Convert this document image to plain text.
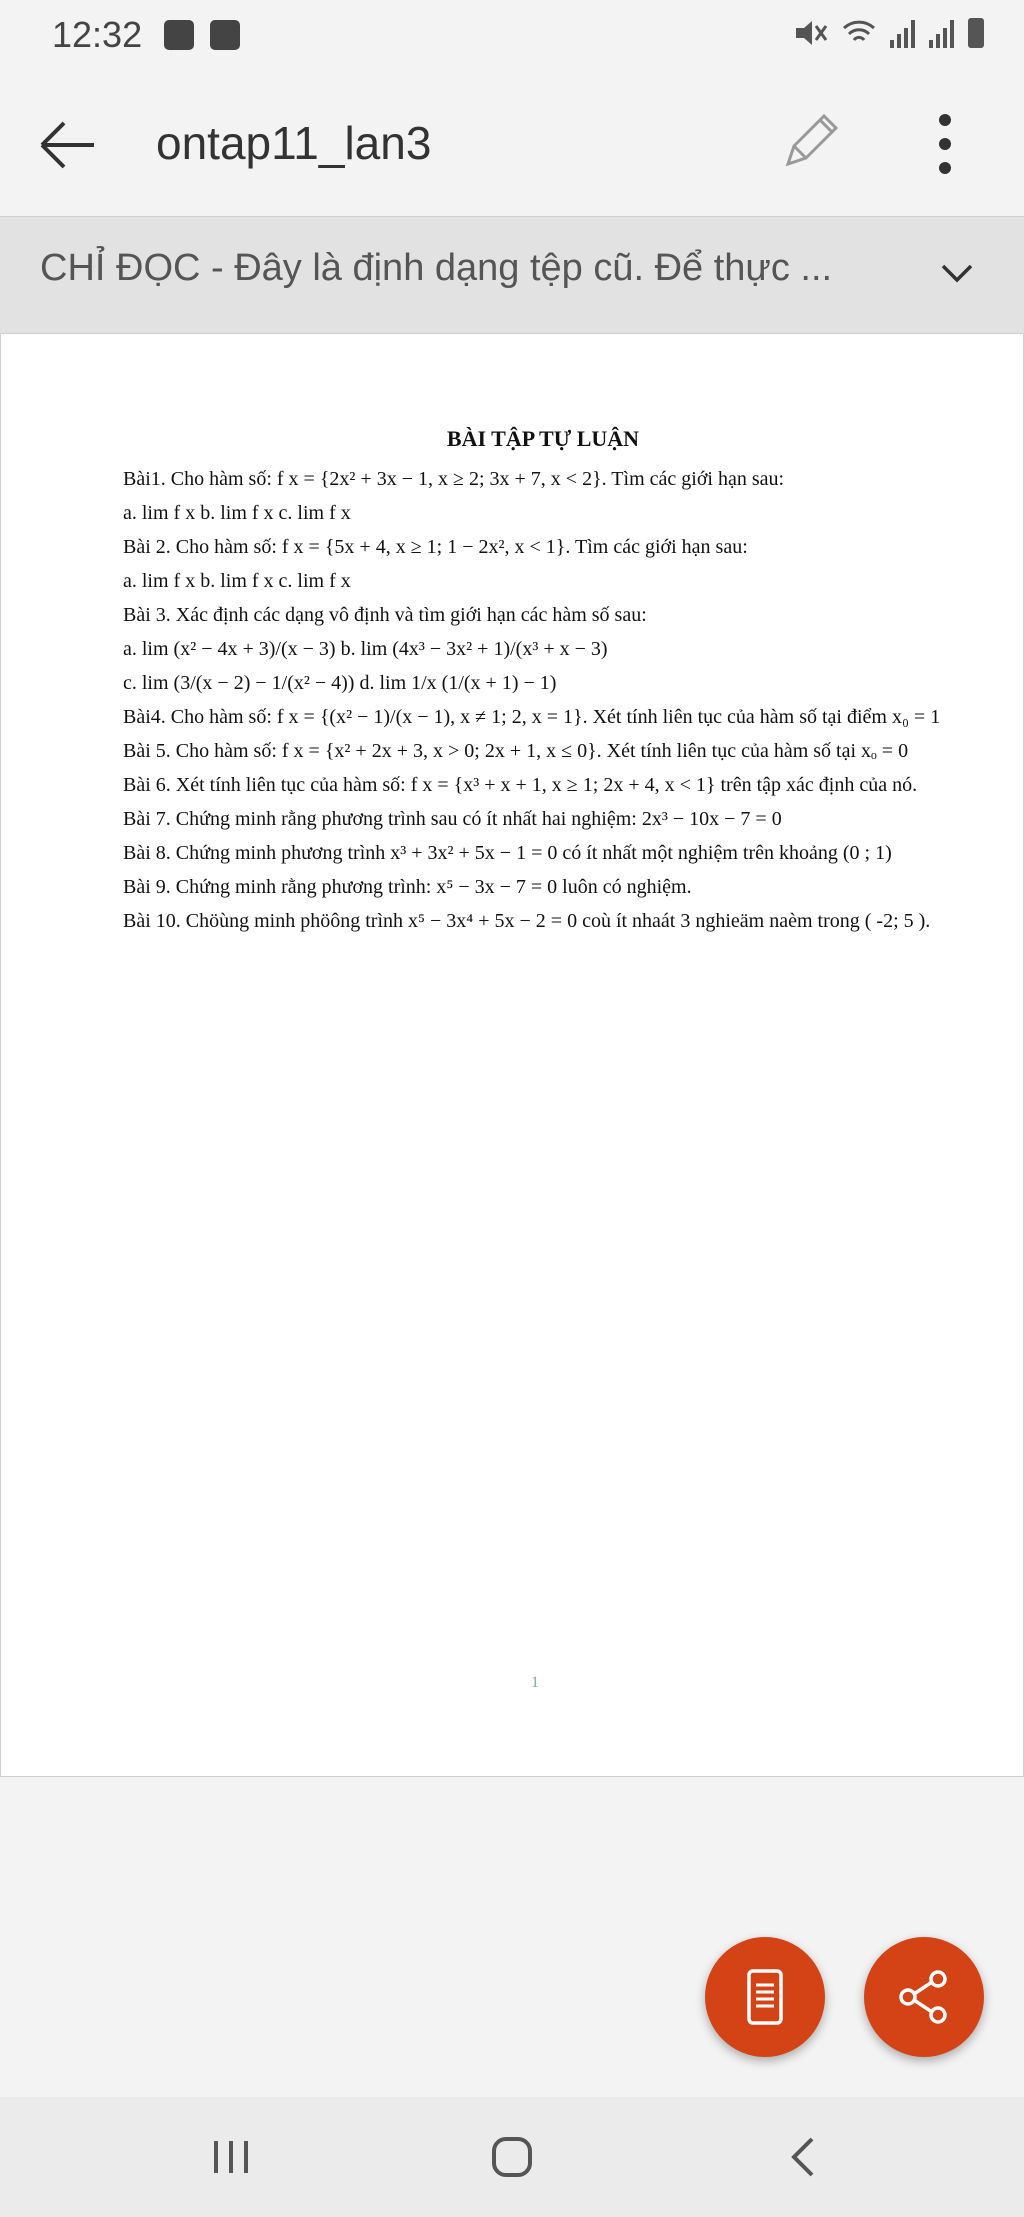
12:32
ontap11_lan3
CHỈ ĐỌC - Đây là định dạng tệp cũ. Để thực ...
BÀI TẬP TỰ LUẬN

Bài1. Cho hàm số: f x = {2x² + 3x − 1, x ≥ 2; 3x + 7, x < 2}. Tìm các giới hạn sau:

a. lim f x b. lim f x c. lim f x

Bài 2. Cho hàm số: f x = {5x + 4, x ≥ 1; 1 − 2x², x < 1}. Tìm các giới hạn sau:

a. lim f x b. lim f x c. lim f x

Bài 3. Xác định các dạng vô định và tìm giới hạn các hàm số sau:

a. lim (x² − 4x + 3)/(x − 3) b. lim (4x³ − 3x² + 1)/(x³ + x − 3)

c. lim (3/(x − 2) − 1/(x² − 4)) d. lim 1/x (1/(x + 1) − 1)

Bài4. Cho hàm số: f x = {(x² − 1)/(x − 1), x ≠ 1; 2, x = 1}. Xét tính liên tục của hàm số tại điểm x₀ = 1

Bài 5. Cho hàm số: f x = {x² + 2x + 3, x > 0; 2x + 1, x ≤ 0}. Xét tính liên tục của hàm số tại xₒ = 0

Bài 6. Xét tính liên tục của hàm số: f x = {x³ + x + 1, x ≥ 1; 2x + 4, x < 1} trên tập xác định của nó.

Bài 7. Chứng minh rằng phương trình sau có ít nhất hai nghiệm: 2x³ − 10x − 7 = 0

Bài 8. Chứng minh phương trình x³ + 3x² + 5x − 1 = 0 có ít nhất một nghiệm trên khoảng (0 ; 1)

Bài 9. Chứng minh rằng phương trình: x⁵ − 3x − 7 = 0 luôn có nghiệm.

Bài 10. Chöùng minh phöông trình x⁵ − 3x⁴ + 5x − 2 = 0 coù ít nhaát 3 nghieäm naèm trong ( -2; 5 ).

1
